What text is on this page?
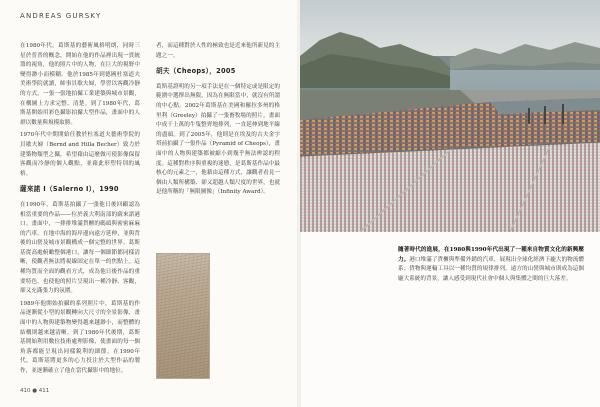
ANDREAS GURSKY

在1980年代，葛斯基的藝術風格明朗，同時三星於普普的概念，開始在他的作品裡出現一貫統籌的視角，他的照片中的人物，在巨大的視野中變得渺小而模糊。他於1985年到德國杜塞道夫美術學院就讀，師事貝歇夫婦，學習以客觀冷靜的方式，一張一張地拍攝工業建築與城市景觀，在構圖上力求完整、清楚。到了1980年代，葛斯基開始用彩色攝影拍攝大型作品，畫面中的人群以數量與規模取勝。

1970年代中期開始任教於杜塞道夫藝術學院的貝歇夫婦（Bernd and Hilla Becher）致力於建築物類型之攝，希望藉由這麼做可使影像保留客觀而冷靜的個人觀點，並藉此形塑特別的風格。

薩來諾 I（Salerno I），1990

在1990年，葛斯基拍攝了一張他日後回顧認為相當重要的作品——位於義大利南部的薩來諾港口。畫面中，一排排堆滿貨櫃的碼頭與密密麻麻的汽車，在地中海的海岸邊向遠方延伸，並與背後的山巒及城市景觀構成一個完整的世界。葛斯基從高處俯瞰整個港口，讓每一個細節都同樣清晰，使觀者無法將視線固定在單一的焦點上。這種均質而全面的觀看方式，成為他日後作品的重要特色，也使他的照片呈現出一種冷靜、客觀，卻又充滿張力的氛圍。

1989年他開始拍攝的系列照片中，葛斯基的作品逐漸從小型的景觀轉向大尺寸的全景影像，畫面中的人物與建築物變得越來越渺小，而整體的結構則越來越清晰。到了1980年代後期，葛斯基開始利用數位技術處理影像，使畫面的每一個角落都能呈現出同樣銳利的細節。在1990年代，葛斯基將更多的心力投注於大型作品的製作，並逐漸確立了他在當代攝影中的地位。

者，而這種對於人性的極致也是近來他所新見的主題之一。

胡夫（Cheops），2005

葛斯基證明的另一項手法是在一個特定或是限定的範圍中選擇出無限，因為在無限當中，就沒有所謂的中心點。2002年葛斯基在美國和羅拉多州的格里利（Greeley）拍攝了一張畜牧場的照片，畫面中成千上萬的牛隻整齊地排列，一直延伸到地平線的盡頭。到了2005年，他則是在埃及的古夫金字塔前拍攝了一張作品（Pyramid of Cheops），畫面中的人物與建築都被縮小到幾乎無法辨認的程度。這種對秩序與重複的迷戀，是葛斯基作品中最核心的元素之一，他藉由這種方式，讓觀者看見一個由人類所構築、卻又超越人類尺度的世界，也就是他所稱的「無限圖像」（Infinity Award）。

410 ● 411
隨著時代的進展，在1980與1990年代出現了一種來自物質文化的新興壓力。港口堆滿了貨櫃與準備外銷的汽車，展現出全球化經濟下龐大的物流體系；貨物與運輸工具以一種均質的規律排列，遠方的山巒與城市則成為這個龐大系統的背景，讓人感受到現代社會中個人與集體之間的巨大落差。
